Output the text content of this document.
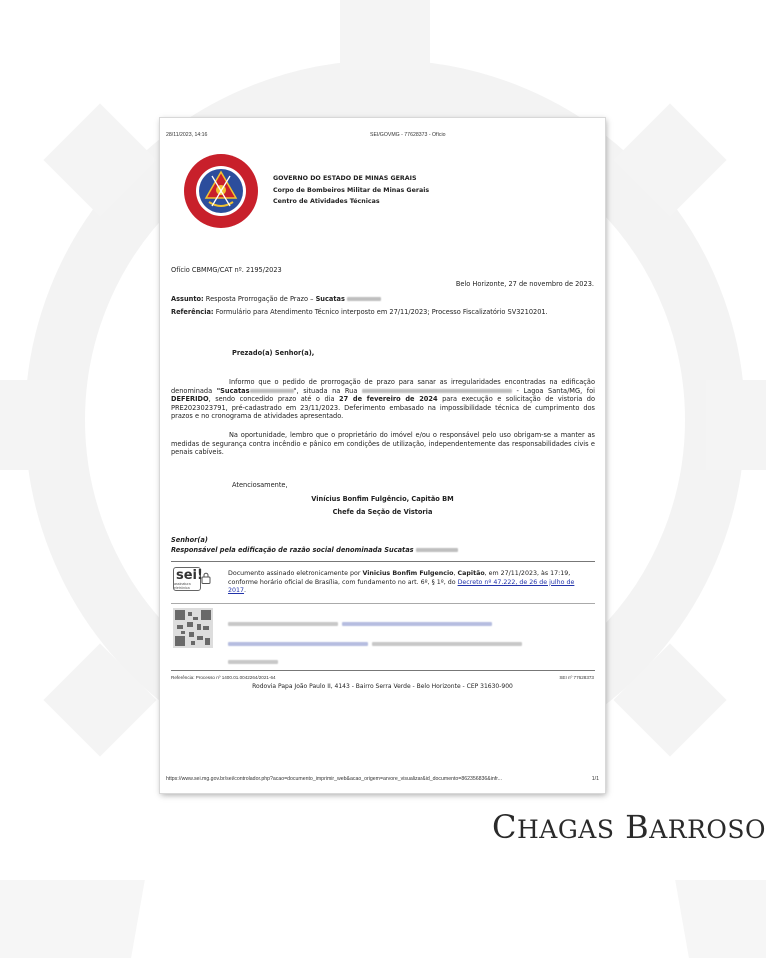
28/11/2023, 14:16	SEI/GOVMG - 77628373 - Ofício
GOVERNO DO ESTADO DE MINAS GERAIS
Corpo de Bombeiros Militar de Minas Gerais
Centro de Atividades Técnicas
Ofício CBMMG/CAT nº. 2195/2023
Belo Horizonte, 27 de novembro de 2023.
Assunto: Resposta Prorrogação de Prazo – Sucatas
Referência: Formulário para Atendimento Técnico interposto em 27/11/2023; Processo Fiscalizatório SV3210201.
Prezado(a) Senhor(a),
Informo que o pedido de prorrogação de prazo para sanar as irregularidades encontradas na edificação denominada "Sucatas	", situada na Rua	- Lagoa Santa/MG, foi DEFERIDO, sendo concedido prazo até o dia 27 de fevereiro de 2024 para execução e solicitação de vistoria do PRE2023023791, pré-cadastrado em 23/11/2023. Deferimento embasado na impossibilidade técnica de cumprimento dos prazos e no cronograma de atividades apresentado.
Na oportunidade, lembro que o proprietário do imóvel e/ou o responsável pelo uso obrigam-se a manter as medidas de segurança contra incêndio e pânico em condições de utilização, independentemente das responsabilidades civis e penais cabíveis.
Atenciosamente,
Vinícius Bonfim Fulgêncio, Capitão BM
Chefe da Seção de Vistoria
Senhor(a)
Responsável pela edificação de razão social denominada Sucatas
sei!
assinatura eletrônica
Documento assinado eletronicamente por Vinicius Bonfim Fulgencio, Capitão, em 27/11/2023, às 17:19, conforme horário oficial de Brasília, com fundamento no art. 6º, § 1º, do Decreto nº 47.222, de 26 de julho de 2017.

Referência: Processo nº 1400.01.0042264/2021-64	SEI nº 77628373
Rodovia Papa João Paulo II, 4143 - Bairro Serra Verde - Belo Horizonte - CEP 31630-900
https://www.sei.mg.gov.br/sei/controlador.php?acao=documento_imprimir_web&acao_origem=arvore_visualizar&id_documento=862356836&infr...	1/1
CHAGAS BARROSO
